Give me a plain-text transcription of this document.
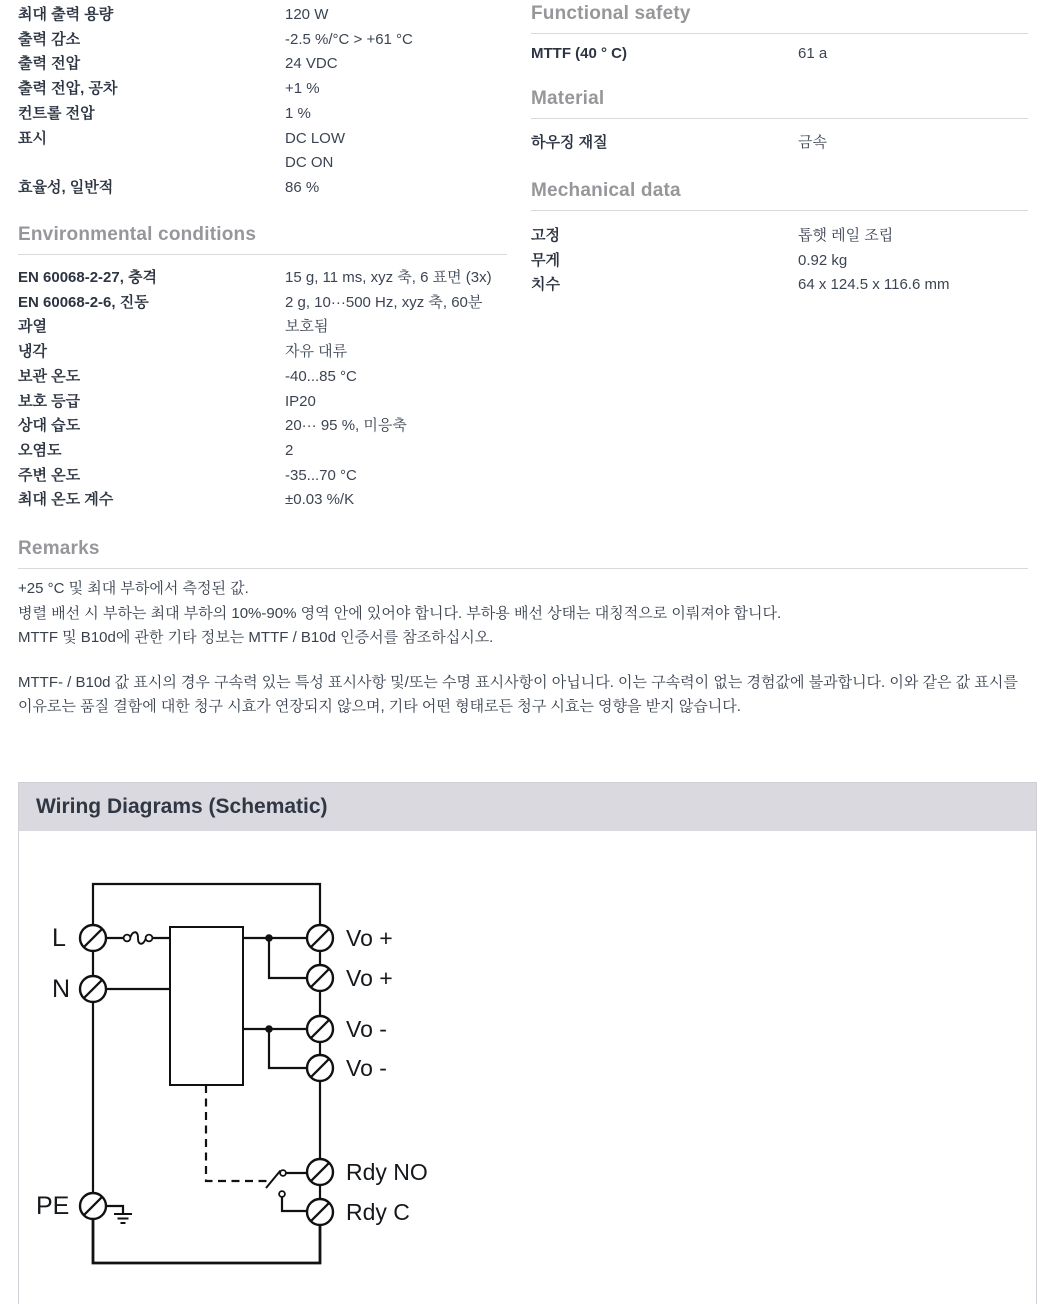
최대 출력 용량	120 W
출력 감소	-2.5 %/°C > +61 °C
출력 전압	24 VDC
출력 전압, 공차	+1 %
컨트롤 전압	1 %
표시	DC LOW
DC ON
효율성, 일반적	86 %
Functional safety
MTTF (40 ° C)	61 a
Material
하우징 재질	금속
Mechanical data
고정	톱햇 레일 조립
무게	0.92 kg
치수	64 x 124.5 x 116.6 mm
Environmental conditions
EN 60068-2-27, 충격	15 g, 11 ms, xyz 축, 6 표면 (3x)
EN 60068-2-6, 진동	2 g, 10···500 Hz, xyz 축, 60분
과열	보호됨
냉각	자유 대류
보관 온도	-40...85 °C
보호 등급	IP20
상대 습도	20··· 95 %, 미응축
오염도	2
주변 온도	-35...70 °C
최대 온도 계수	±0.03 %/K
Remarks

+25 °C 및 최대 부하에서 측정된 값.

병렬 배선 시 부하는 최대 부하의 10%-90% 영역 안에 있어야 합니다. 부하용 배선 상태는 대칭적으로 이뤄져야 합니다.

MTTF 및 B10d에 관한 기타 정보는 MTTF / B10d 인증서를 참조하십시오.

MTTF- / B10d 값 표시의 경우 구속력 있는 특성 표시사항 및/또는 수명 표시사항이 아닙니다. 이는 구속력이 없는 경험값에 불과합니다. 이와 같은 값 표시를 이유로는 품질 결함에 대한 청구 시효가 연장되지 않으며, 기타 어떤 형태로든 청구 시효는 영향을 받지 않습니다.

Wiring Diagrams (Schematic)
L
N
PE
Vo +
Vo +
Vo -
Vo -
Rdy NO
Rdy C
